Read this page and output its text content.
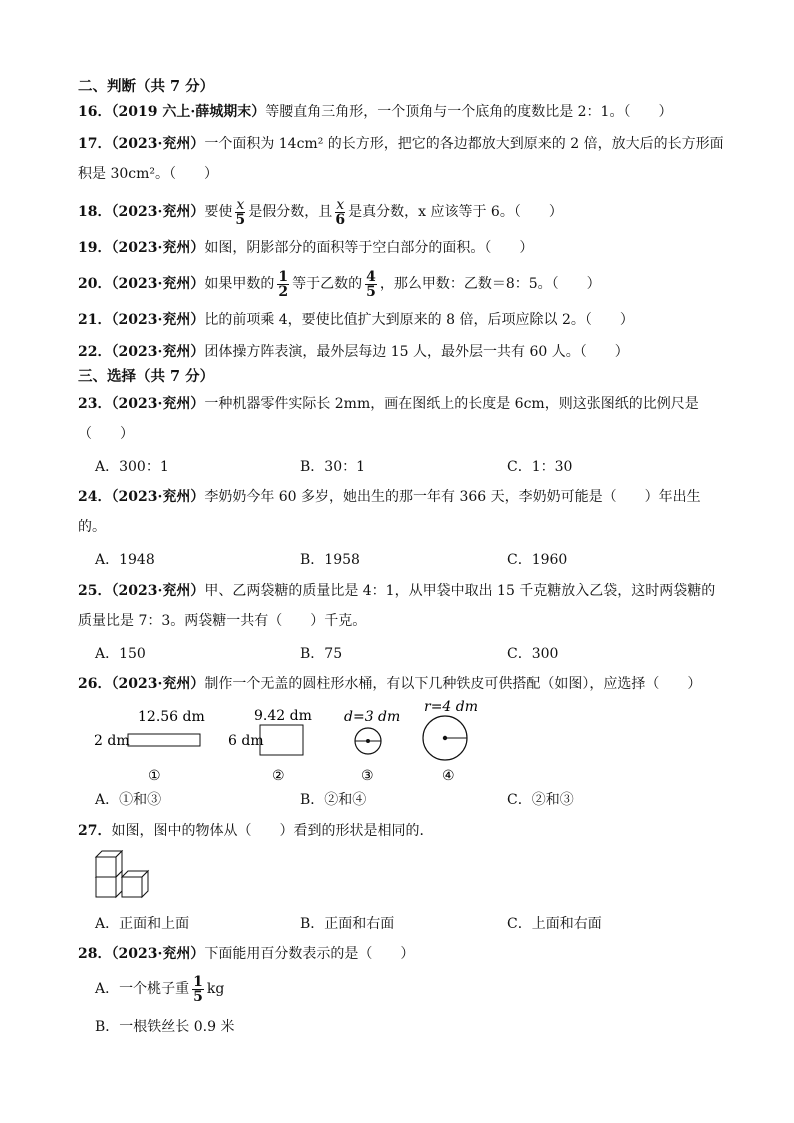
二、判断（共 7 分）
16．（2019 六上·薛城期末）等腰直角三角形，一个顶角与一个底角的度数比是 2：1。（　　）
17．（2023·兖州）一个面积为 14cm² 的长方形，把它的各边都放大到原来的 2 倍，放大后的长方形面
积是 30cm²。（　　）
18．（2023·兖州）要使 $\frac{x}{5}$ 是假分数，且 $\frac{x}{6}$ 是真分数，x 应该等于 6。（　　）
19．（2023·兖州）如图，阴影部分的面积等于空白部分的面积。（　　）
20．（2023·兖州）如果甲数的 $\frac{1}{2}$ 等于乙数的 $\frac{4}{5}$ ，那么甲数：乙数＝8：5。（　　）
21．（2023·兖州）比的前项乘 4，要使比值扩大到原来的 8 倍，后项应除以 2。（　　）
22．（2023·兖州）团体操方阵表演，最外层每边 15 人，最外层一共有 60 人。（　　）
三、选择（共 7 分）
23．（2023·兖州）一种机器零件实际长 2mm，画在图纸上的长度是 6cm，则这张图纸的比例尺是
（　　）
A．300：1	B．30：1	C．1：30
24．（2023·兖州）李奶奶今年 60 多岁，她出生的那一年有 366 天，李奶奶可能是（　　）年出生
的。
A．1948	B．1958	C．1960
25．（2023·兖州）甲、乙两袋糖的质量比是 4：1，从甲袋中取出 15 千克糖放入乙袋，这时两袋糖的
质量比是 7：3。两袋糖一共有（　　）千克。
A．150	B．75	C．300
26．（2023·兖州）制作一个无盖的圆柱形水桶，有以下几种铁皮可供搭配（如图），应选择（　　）
12.56 dm
2 dm
9.42 dm
6 dm
d=3 dm
r=4 dm
①	②	③	④
A．①和③	B．②和④	C．②和③
27．如图，图中的物体从（　　）看到的形状是相同的．
A．正面和上面	B．正面和右面	C．上面和右面
28．（2023·兖州）下面能用百分数表示的是（　　）
A．一个桃子重 $\frac{1}{5}$ kg
B．一根铁丝长 0.9 米
